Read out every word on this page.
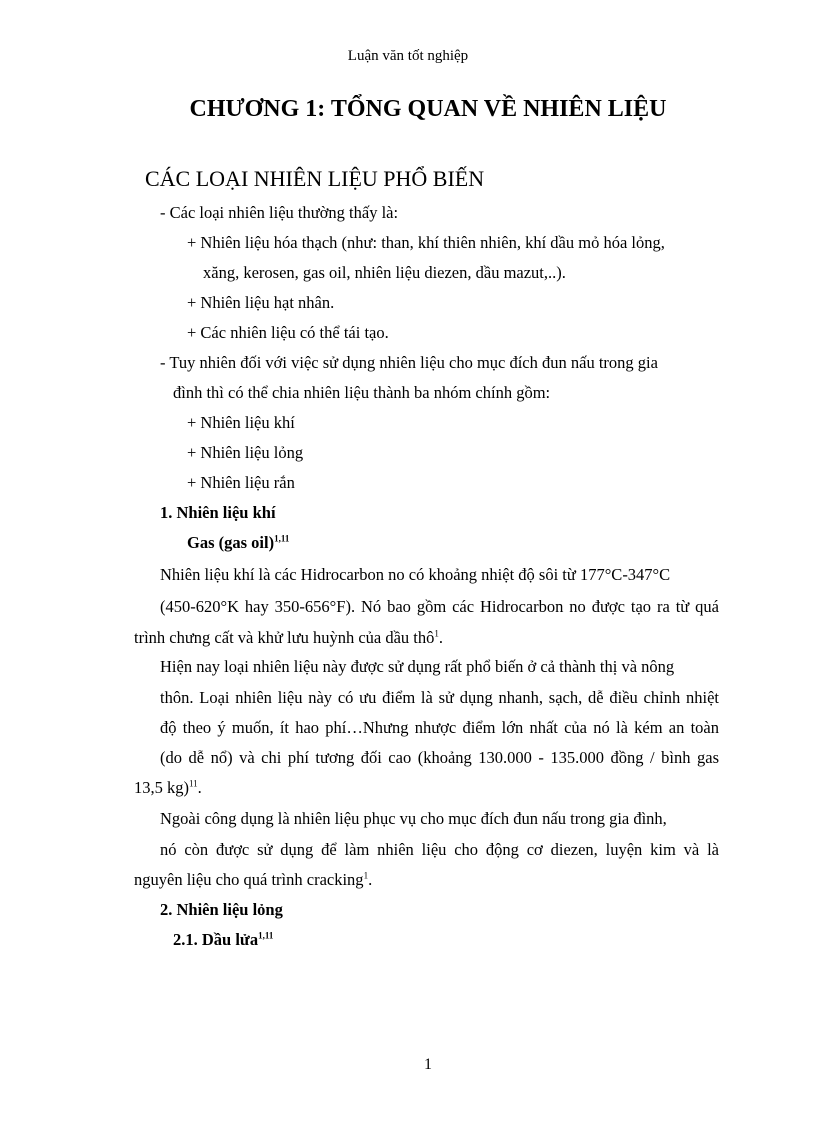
Luận văn tốt nghiệp
CHƯƠNG 1: TỔNG QUAN VỀ NHIÊN LIỆU
CÁC LOẠI NHIÊN LIỆU PHỔ BIẾN
- Các loại nhiên liệu thường thấy là:
+ Nhiên liệu hóa thạch (như: than, khí thiên nhiên, khí dầu mỏ hóa lỏng,
xăng, kerosen, gas oil, nhiên liệu diezen, dầu mazut,..).
+ Nhiên liệu hạt nhân.
+ Các nhiên liệu có thể tái tạo.
- Tuy nhiên đối với việc sử dụng nhiên liệu cho mục đích đun nấu trong gia
đình thì có thể chia nhiên liệu thành ba nhóm chính gồm:
+ Nhiên liệu khí
+ Nhiên liệu lỏng
+ Nhiên liệu rắn
1. Nhiên liệu khí
Gas (gas oil)$^{1,11}$
Nhiên liệu khí là các Hidrocarbon no có khoảng nhiệt độ sôi từ 177°C-347°C
(450-620°K hay 350-656°F). Nó bao gồm các Hidrocarbon no được tạo ra từ quá
trình chưng cất và khử lưu huỳnh của dầu thô$^1$.
Hiện nay loại nhiên liệu này được sử dụng rất phổ biến ở cả thành thị và nông
thôn. Loại nhiên liệu này có ưu điểm là sử dụng nhanh, sạch, dễ điều chỉnh nhiệt
độ theo ý muốn, ít hao phí…Nhưng nhược điểm lớn nhất của nó là kém an toàn
(do dễ nổ) và chi phí tương đối cao (khoảng 130.000 - 135.000 đồng / bình gas
13,5 kg)$^{11}$.
Ngoài công dụng là nhiên liệu phục vụ cho mục đích đun nấu trong gia đình,
nó còn được sử dụng để làm nhiên liệu cho động cơ diezen, luyện kim và là
nguyên liệu cho quá trình cracking$^1$.
2. Nhiên liệu lỏng
2.1. Dầu lửa$^{1,11}$
1
